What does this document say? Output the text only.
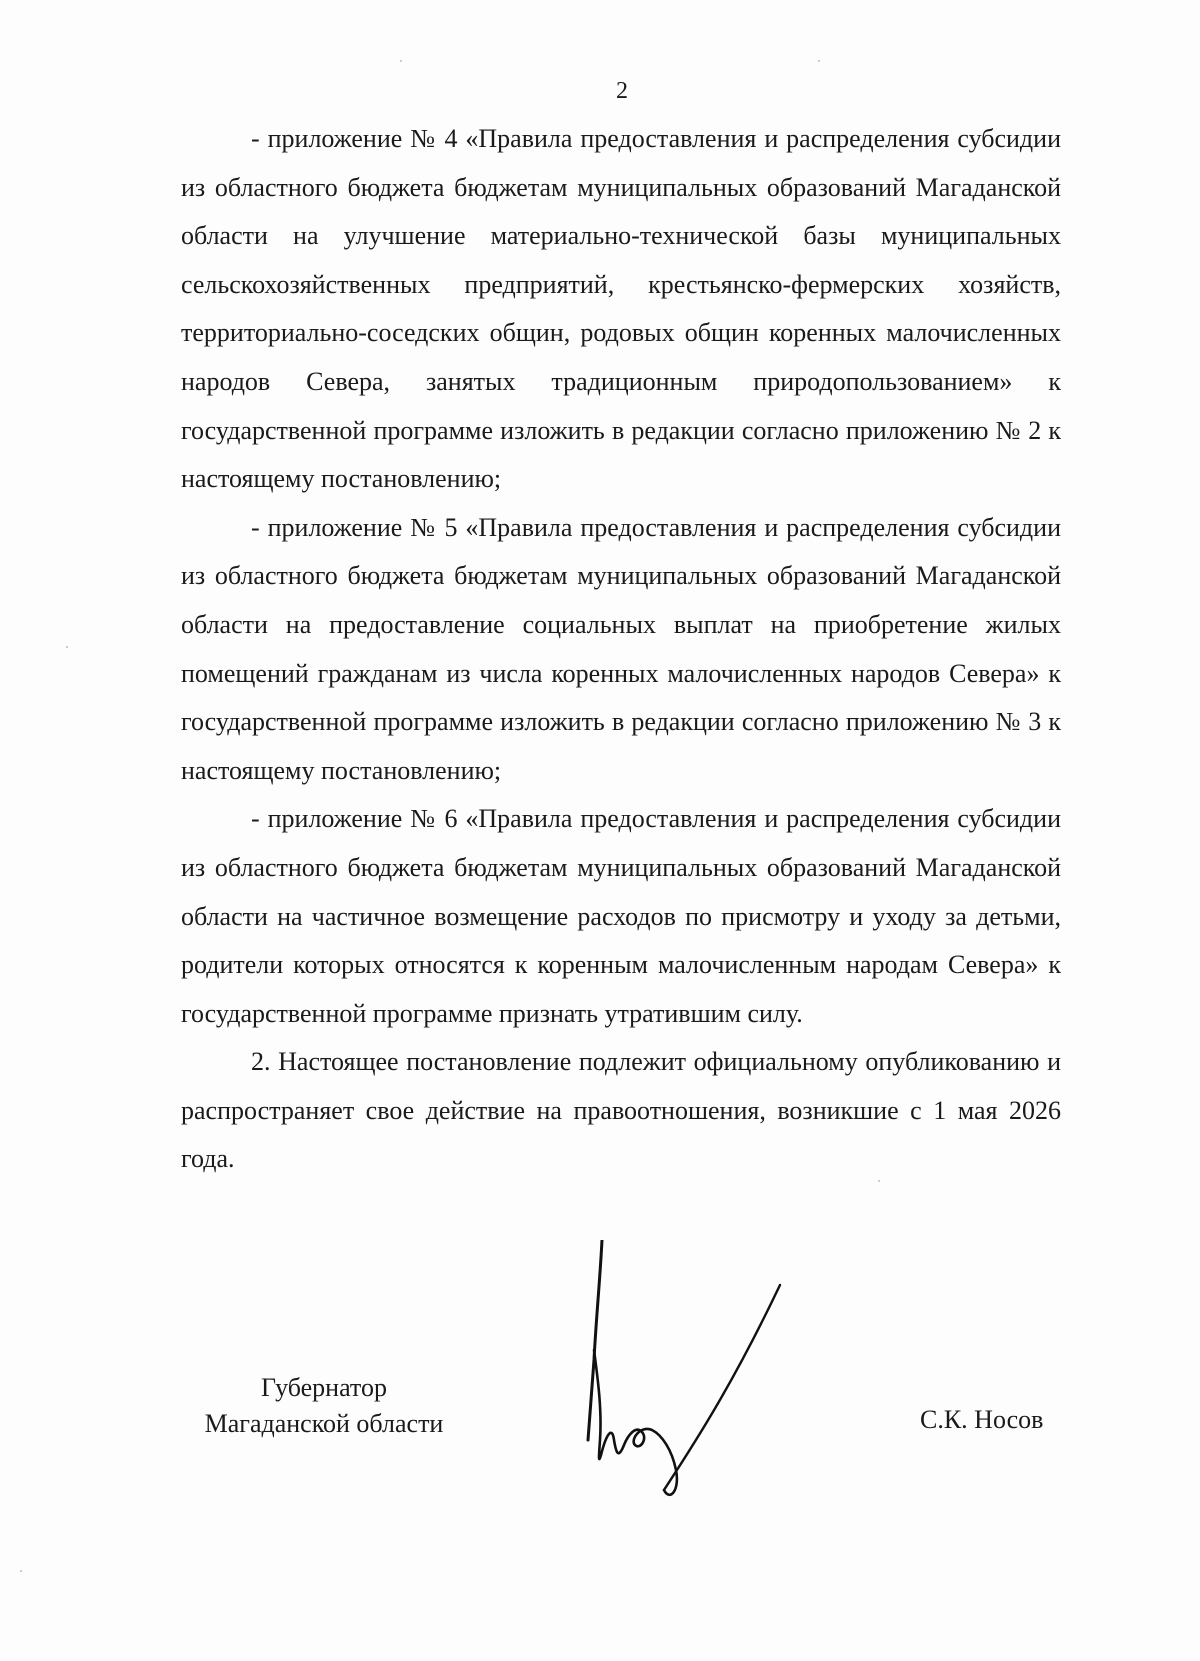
2

- приложение № 4 «Правила предоставления и распределения субсидии из областного бюджета бюджетам муниципальных образований Магаданской области на улучшение материально-технической базы муниципальных сельскохозяйственных предприятий, крестьянско-фермерских хозяйств, территориально-соседских общин, родовых общин коренных малочисленных народов Севера, занятых традиционным природопользованием» к государственной программе изложить в редакции согласно приложению № 2 к настоящему постановлению;

- приложение № 5 «Правила предоставления и распределения субсидии из областного бюджета бюджетам муниципальных образований Магаданской области на предоставление социальных выплат на приобретение жилых помещений гражданам из числа коренных малочисленных народов Севера» к государственной программе изложить в редакции согласно приложению № 3 к настоящему постановлению;

- приложение № 6 «Правила предоставления и распределения субсидии из областного бюджета бюджетам муниципальных образований Магаданской области на частичное возмещение расходов по присмотру и уходу за детьми, родители которых относятся к коренным малочисленным народам Севера» к государственной программе признать утратившим силу.

2. Настоящее постановление подлежит официальному опубликованию и распространяет свое действие на правоотношения, возникшие с 1 мая 2026 года.

Губернатор
Магаданской области	С.К. Носов
